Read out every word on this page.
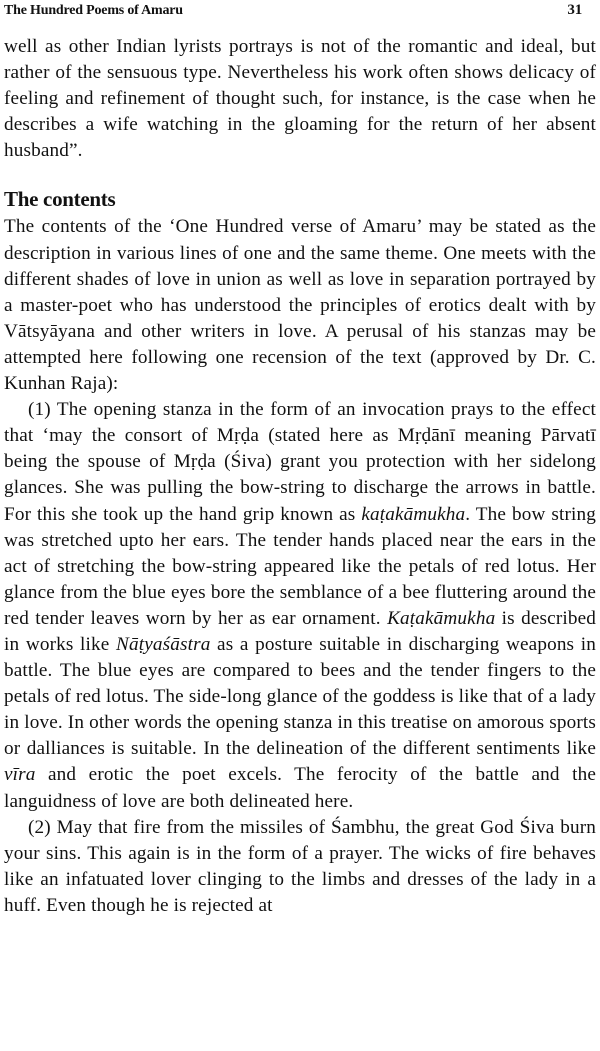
The Hundred Poems of Amaru	31

well as other Indian lyrists portrays is not of the romantic and ideal, but rather of the sensuous type. Nevertheless his work often shows delicacy of feeling and refinement of thought such, for instance, is the case when he describes a wife watching in the gloaming for the return of her absent husband”.

The contents

The contents of the ‘One Hundred verse of Amaru’ may be stated as the description in various lines of one and the same theme. One meets with the different shades of love in union as well as love in separation portrayed by a master-poet who has understood the principles of erotics dealt with by Vātsyāyana and other writers in love. A perusal of his stanzas may be attempted here following one recension of the text (approved by Dr. C. Kunhan Raja):

(1) The opening stanza in the form of an invocation prays to the effect that ‘may the consort of Mṛḍa (stated here as Mṛḍānī meaning Pārvatī being the spouse of Mṛḍa (Śiva) grant you protection with her sidelong glances. She was pulling the bow-string to discharge the arrows in battle. For this she took up the hand grip known as kaṭakāmukha. The bow string was stretched upto her ears. The tender hands placed near the ears in the act of stretching the bow-string appeared like the petals of red lotus. Her glance from the blue eyes bore the semblance of a bee fluttering around the red tender leaves worn by her as ear ornament. Kaṭakāmukha is described in works like Nāṭyaśāstra as a posture suitable in discharging weapons in battle. The blue eyes are compared to bees and the tender fingers to the petals of red lotus. The side-long glance of the goddess is like that of a lady in love. In other words the opening stanza in this treatise on amorous sports or dalliances is suitable. In the delineation of the different sentiments like vīra and erotic the poet excels. The ferocity of the battle and the languidness of love are both delineated here.

(2) May that fire from the missiles of Śambhu, the great God Śiva burn your sins. This again is in the form of a prayer. The wicks of fire behaves like an infatuated lover clinging to the limbs and dresses of the lady in a huff. Even though he is rejected at
